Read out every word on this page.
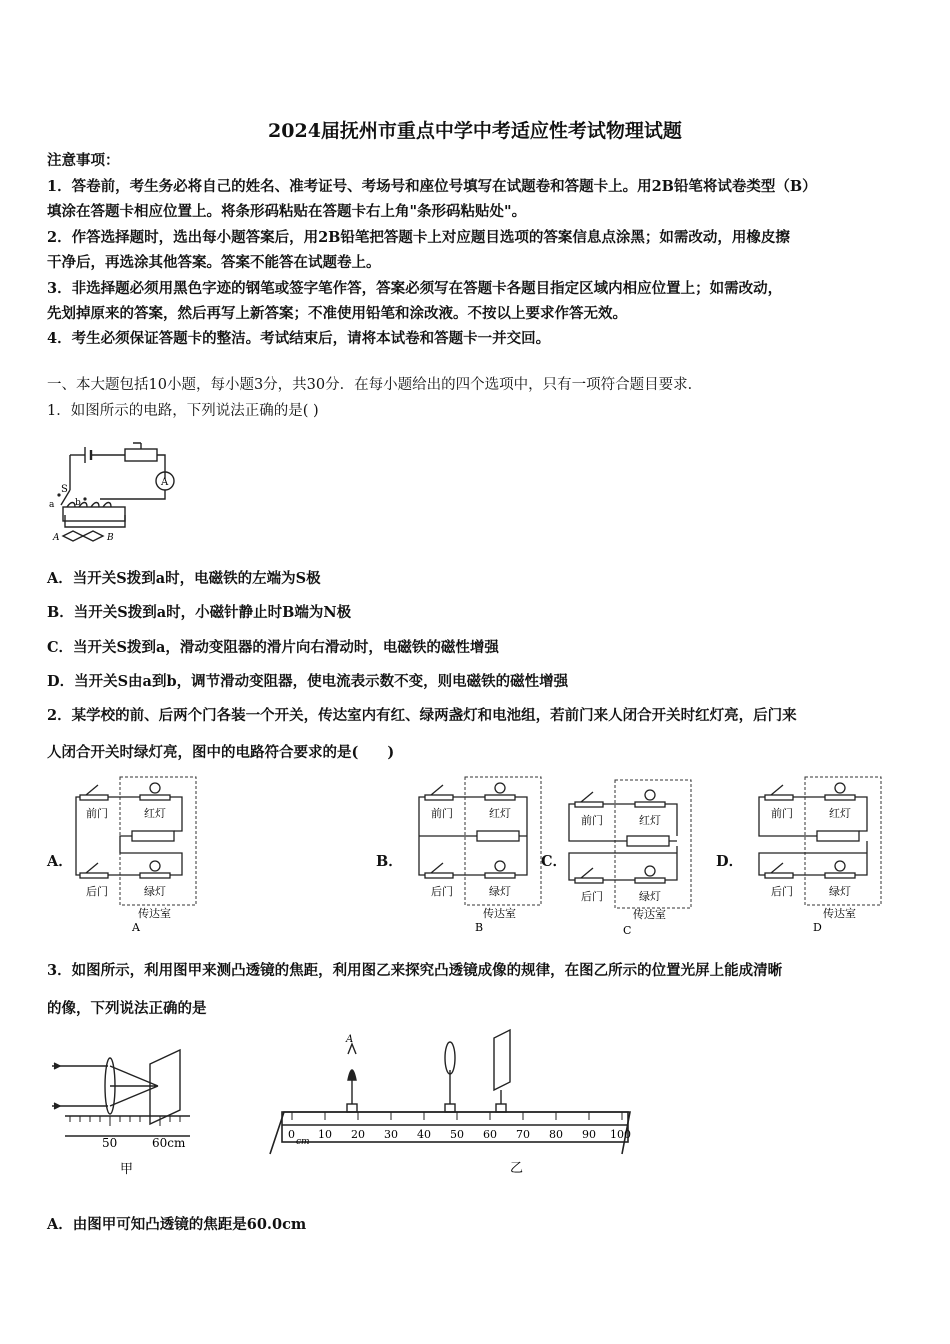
2024届抚州市重点中学中考适应性考试物理试题
注意事项：
1．答卷前，考生务必将自己的姓名、准考证号、考场号和座位号填写在试题卷和答题卡上。用2B铅笔将试卷类型（B）
填涂在答题卡相应位置上。将条形码粘贴在答题卡右上角"条形码粘贴处"。
2．作答选择题时，选出每小题答案后，用2B铅笔把答题卡上对应题目选项的答案信息点涂黑；如需改动，用橡皮擦
干净后，再选涂其他答案。答案不能答在试题卷上。
3．非选择题必须用黑色字迹的钢笔或签字笔作答，答案必须写在答题卡各题目指定区域内相应位置上；如需改动，
先划掉原来的答案，然后再写上新答案；不准使用铅笔和涂改液。不按以上要求作答无效。
4．考生必须保证答题卡的整洁。考试结束后，请将本试卷和答题卡一并交回。
一、本大题包括10小题，每小题3分，共30分．在每小题给出的四个选项中，只有一项符合题目要求．
1．如图所示的电路，下列说法正确的是( )
A
S
a b
A	B
A．当开关S拨到a时，电磁铁的左端为S极
B．当开关S拨到a时，小磁针静止时B端为N极
C．当开关S拨到a，滑动变阻器的滑片向右滑动时，电磁铁的磁性增强
D．当开关S由a到b，调节滑动变阻器，使电流表示数不变，则电磁铁的磁性增强
2．某学校的前、后两个门各装一个开关，传达室内有红、绿两盏灯和电池组，若前门来人闭合开关时红灯亮，后门来
人闭合开关时绿灯亮，图中的电路符合要求的是(　　)
A．	B．	C．	D．
前门	红灯
后门	绿灯
传达室
A
前门	红灯
后门	绿灯
传达室
B
前门	红灯
后门	绿灯
传达室
C
前门	红灯
后门	绿灯
传达室
D
3．如图所示，利用图甲来测凸透镜的焦距，利用图乙来探究凸透镜成像的规律，在图乙所示的位置光屏上能成清晰
的像，下列说法正确的是
50	60cm
甲
0
cm
10 20 30 40 50 60 70 80 90 100
A
乙
A．由图甲可知凸透镜的焦距是60.0cm
